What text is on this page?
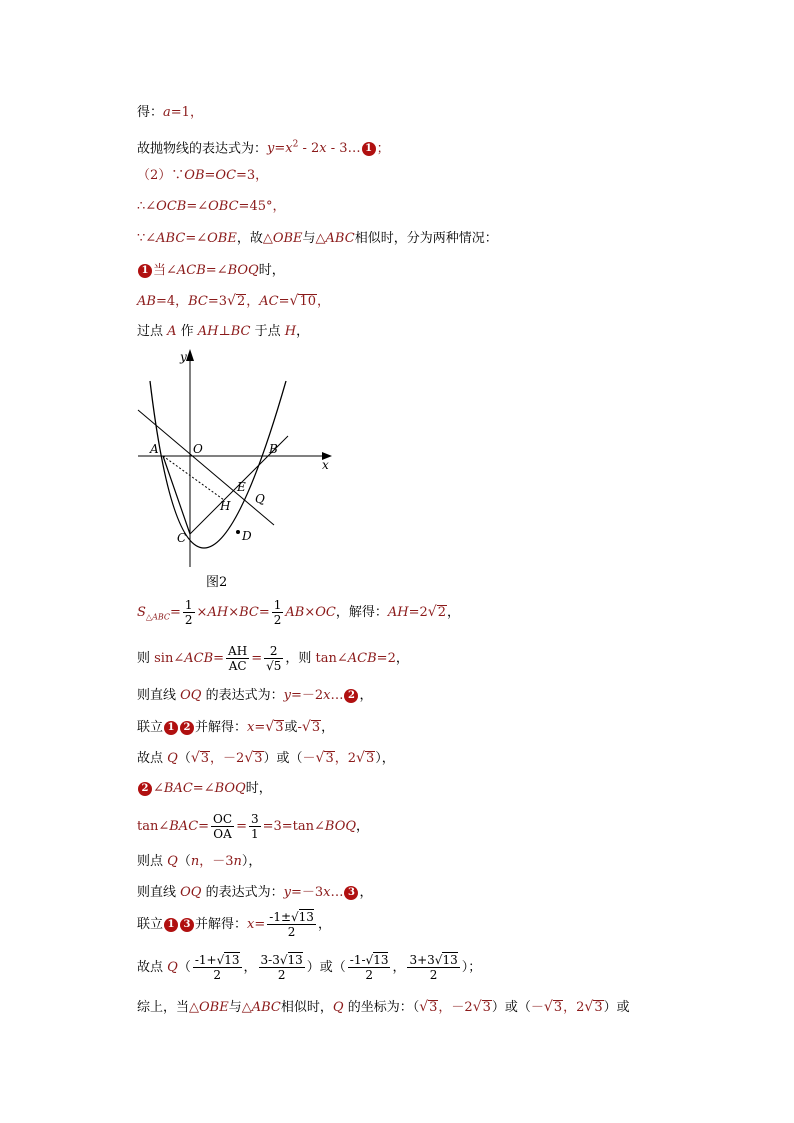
得：a=1，
故抛物线的表达式为：$y=x^2 - 2x$ - 3… 1 ；
（2）∵OB=OC=3，
∴∠OCB=∠OBC=45°，
∵∠ABC=∠OBE，故△OBE与△ABC相似时，分为两种情况：
1 当∠ACB=∠BOQ时，
AB=4，BC=3√2，AC=√10，
过点 A 作 AH⊥BC 于点 H，
y
x
A	O	B
E
Q
H
C	D
图2
$S_{\triangle ABC}= \frac{1}{2} \times AH\times BC= \frac{1}{2} AB\times OC$，解得：AH=2√2，
则 sin∠ACB= $\frac{AH}{AC} = \frac{2}{√5}$ ，则 tan∠ACB=2，
则直线 OQ 的表达式为：y=－2x… 2 ，
联立 1 2 并解得：x=√3或-√3，
故点 Q（√3，－2√3）或（－√3，2√3），
2 ∠BAC=∠BOQ时，
tan∠BAC= $\frac{OC}{OA} = \frac{3}{1}$ =3=tan∠BOQ，
则点 Q（n，－3n），
则直线 OQ 的表达式为：y=－3x… 3 ，
联立 1 3 并解得：$x= \frac{-1\pm√13}{2}$ ，
故点 $Q( \frac{-1+√13}{2}$ ， $\frac{3-3√13}{2}$ ）或（ $\frac{-1-√13}{2}$ ， $\frac{3+3√13}{2}$ ）；
综上，当△OBE与△ABC相似时，Q 的坐标为：（√3，－2√3）或（－√3，2√3）或
